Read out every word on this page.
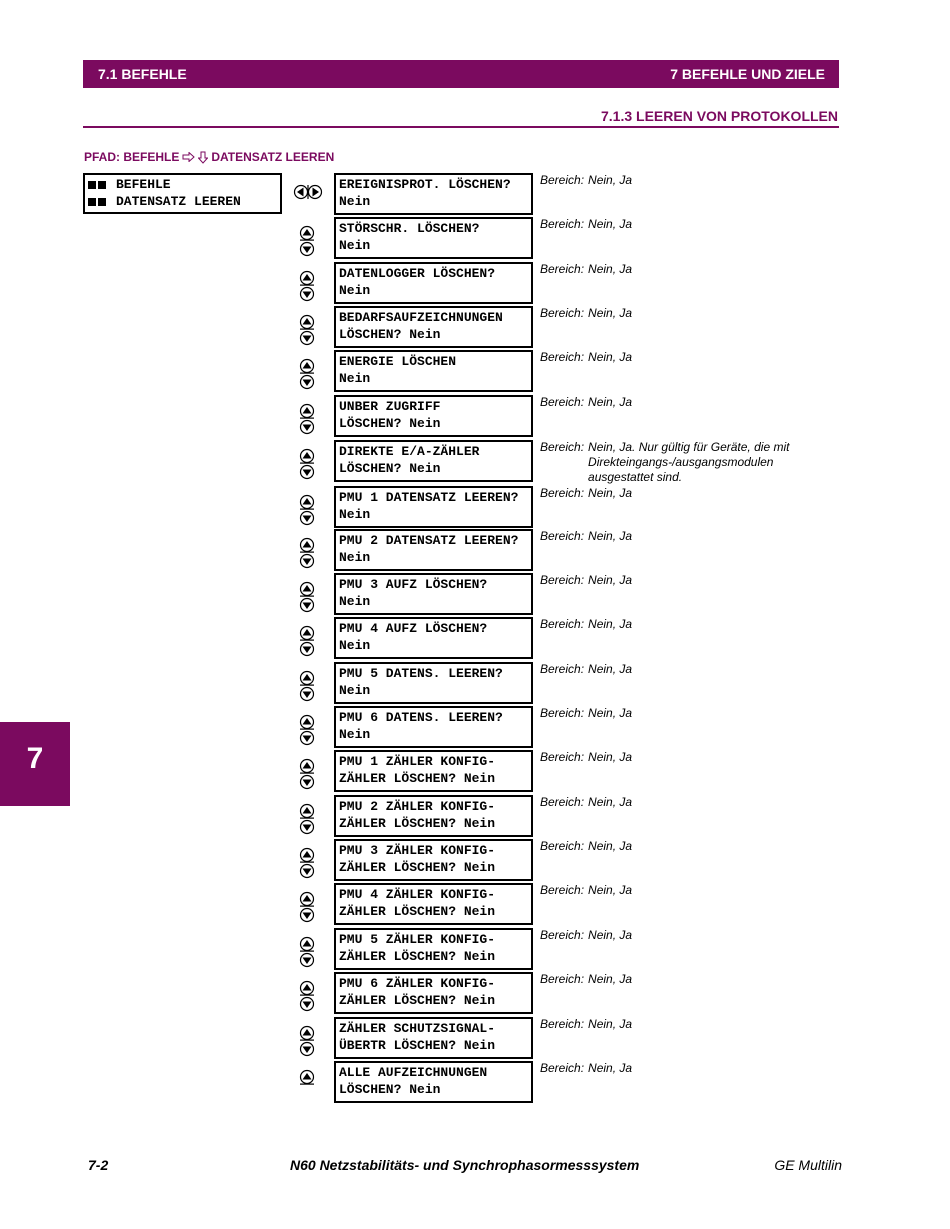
7.1 BEFEHLE	7 BEFEHLE UND ZIELE
7.1.3 LEEREN VON PROTOKOLLEN
PFAD: BEFEHLE	DATENSATZ LEEREN
BEFEHLE
DATENSATZ LEEREN
EREIGNISPROT. LÖSCHEN?
Nein
Bereich: Nein, Ja
STÖRSCHR. LÖSCHEN?
Nein
Bereich: Nein, Ja
DATENLOGGER LÖSCHEN?
Nein
Bereich: Nein, Ja
BEDARFSAUFZEICHNUNGEN
LÖSCHEN? Nein
Bereich: Nein, Ja
ENERGIE LÖSCHEN
Nein
Bereich: Nein, Ja
UNBER ZUGRIFF
LÖSCHEN? Nein
Bereich: Nein, Ja
DIREKTE E/A-ZÄHLER
LÖSCHEN? Nein
Bereich: Nein, Ja. Nur gültig für Geräte, die mit Direkteingangs-/ausgangsmodulen ausgestattet sind.
PMU 1 DATENSATZ LEEREN?
Nein
Bereich: Nein, Ja
PMU 2 DATENSATZ LEEREN?
Nein
Bereich: Nein, Ja
PMU 3 AUFZ LÖSCHEN?
Nein
Bereich: Nein, Ja
PMU 4 AUFZ LÖSCHEN?
Nein
Bereich: Nein, Ja
PMU 5 DATENS. LEEREN?
Nein
Bereich: Nein, Ja
PMU 6 DATENS. LEEREN?
Nein
Bereich: Nein, Ja
PMU 1 ZÄHLER KONFIG-
ZÄHLER LÖSCHEN? Nein
Bereich: Nein, Ja
PMU 2 ZÄHLER KONFIG-
ZÄHLER LÖSCHEN? Nein
Bereich: Nein, Ja
PMU 3 ZÄHLER KONFIG-
ZÄHLER LÖSCHEN? Nein
Bereich: Nein, Ja
PMU 4 ZÄHLER KONFIG-
ZÄHLER LÖSCHEN? Nein
Bereich: Nein, Ja
PMU 5 ZÄHLER KONFIG-
ZÄHLER LÖSCHEN? Nein
Bereich: Nein, Ja
PMU 6 ZÄHLER KONFIG-
ZÄHLER LÖSCHEN? Nein
Bereich: Nein, Ja
ZÄHLER SCHUTZSIGNAL-
ÜBERTR LÖSCHEN? Nein
Bereich: Nein, Ja
ALLE AUFZEICHNUNGEN
LÖSCHEN? Nein
Bereich: Nein, Ja
7
7-2	N60 Netzstabilitäts- und Synchrophasormesssystem	GE Multilin
